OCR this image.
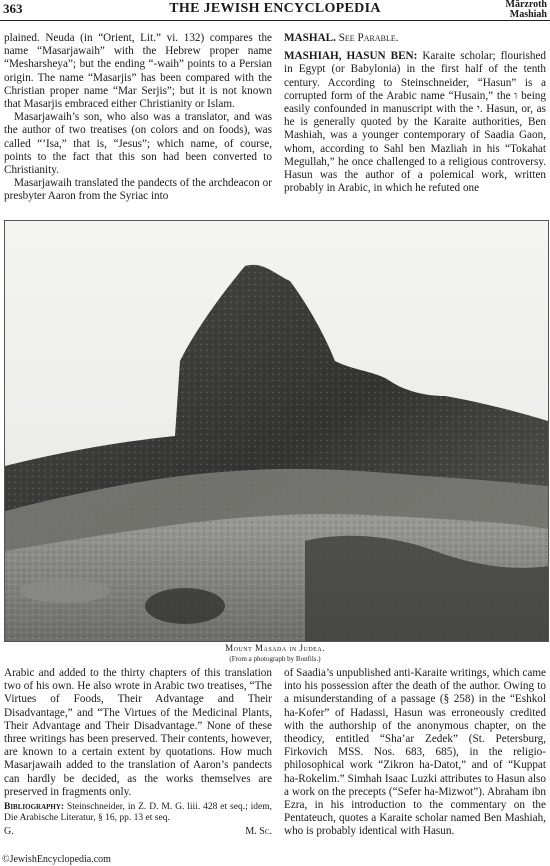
363	THE JEWISH ENCYCLOPEDIA	Mārzroth
Mashiah

plained. Neuda (in “Orient, Lit.” vi. 132) compares the name “Masarjawaih” with the Hebrew proper name “Mesharsheya”; but the ending “-waih” points to a Persian origin. The name “Masarjis” has been compared with the Christian proper name “Mar Serjis”; but it is not known that Masarjis embraced either Christianity or Islam.

Masarjawaih’s son, who also was a translator, and was the author of two treatises (on colors and on foods), was called “’Isa,” that is, “Jesus”; which name, of course, points to the fact that this son had been converted to Christianity.

Masarjawaih translated the pandects of the archdeacon or presbyter Aaron from the Syriac into

MASHAL. See Parable.

MASHIAH, HASUN BEN: Karaite scholar; flourished in Egypt (or Babylonia) in the first half of the tenth century. According to Steinschneider, “Hasun” is a corrupted form of the Arabic name “Husain,” the ו being easily confounded in manuscript with the י. Hasun, or, as he is generally quoted by the Karaite authorities, Ben Mashiah, was a younger contemporary of Saadia Gaon, whom, according to Sahl ben Mazliah in his “Tokahat Megullah,” he once challenged to a religious controversy. Hasun was the author of a polemical work, written probably in Arabic, in which he refuted one

Mount Masada in Judea.
(From a photograph by Bonfils.)

Arabic and added to the thirty chapters of this translation two of his own. He also wrote in Arabic two treatises, “The Virtues of Foods, Their Advantage and Their Disadvantage,” and “The Virtues of the Medicinal Plants, Their Advantage and Their Disadvantage.” None of these three writings has been preserved. Their contents, however, are known to a certain extent by quotations. How much Masarjawaih added to the translation of Aaron’s pandects can hardly be decided, as the works themselves are preserved in fragments only.

Bibliography: Steinschneider, in Z. D. M. G. liii. 428 et seq.; idem, Die Arabische Literatur, § 16, pp. 13 et seq.

G.	M. Sc.

of Saadia’s unpublished anti-Karaite writings, which came into his possession after the death of the author. Owing to a misunderstanding of a passage (§ 258) in the “Eshkol ha-Kofer” of Hadassi, Hasun was erroneously credited with the authorship of the anonymous chapter, on the theodicy, entitled “Sha’ar Zedek” (St. Petersburg, Firkovich MSS. Nos. 683, 685), in the religio-philosophical work “Zikron ha-Datot,” and of “Kuppat ha-Rokelim.” Simhah Isaac Luzki attributes to Hasun also a work on the precepts (“Sefer ha-Mizwot”). Abraham ibn Ezra, in his introduction to the commentary on the Pentateuch, quotes a Karaite scholar named Ben Mashiah, who is probably identical with Hasun.

©JewishEncyclopedia.com
